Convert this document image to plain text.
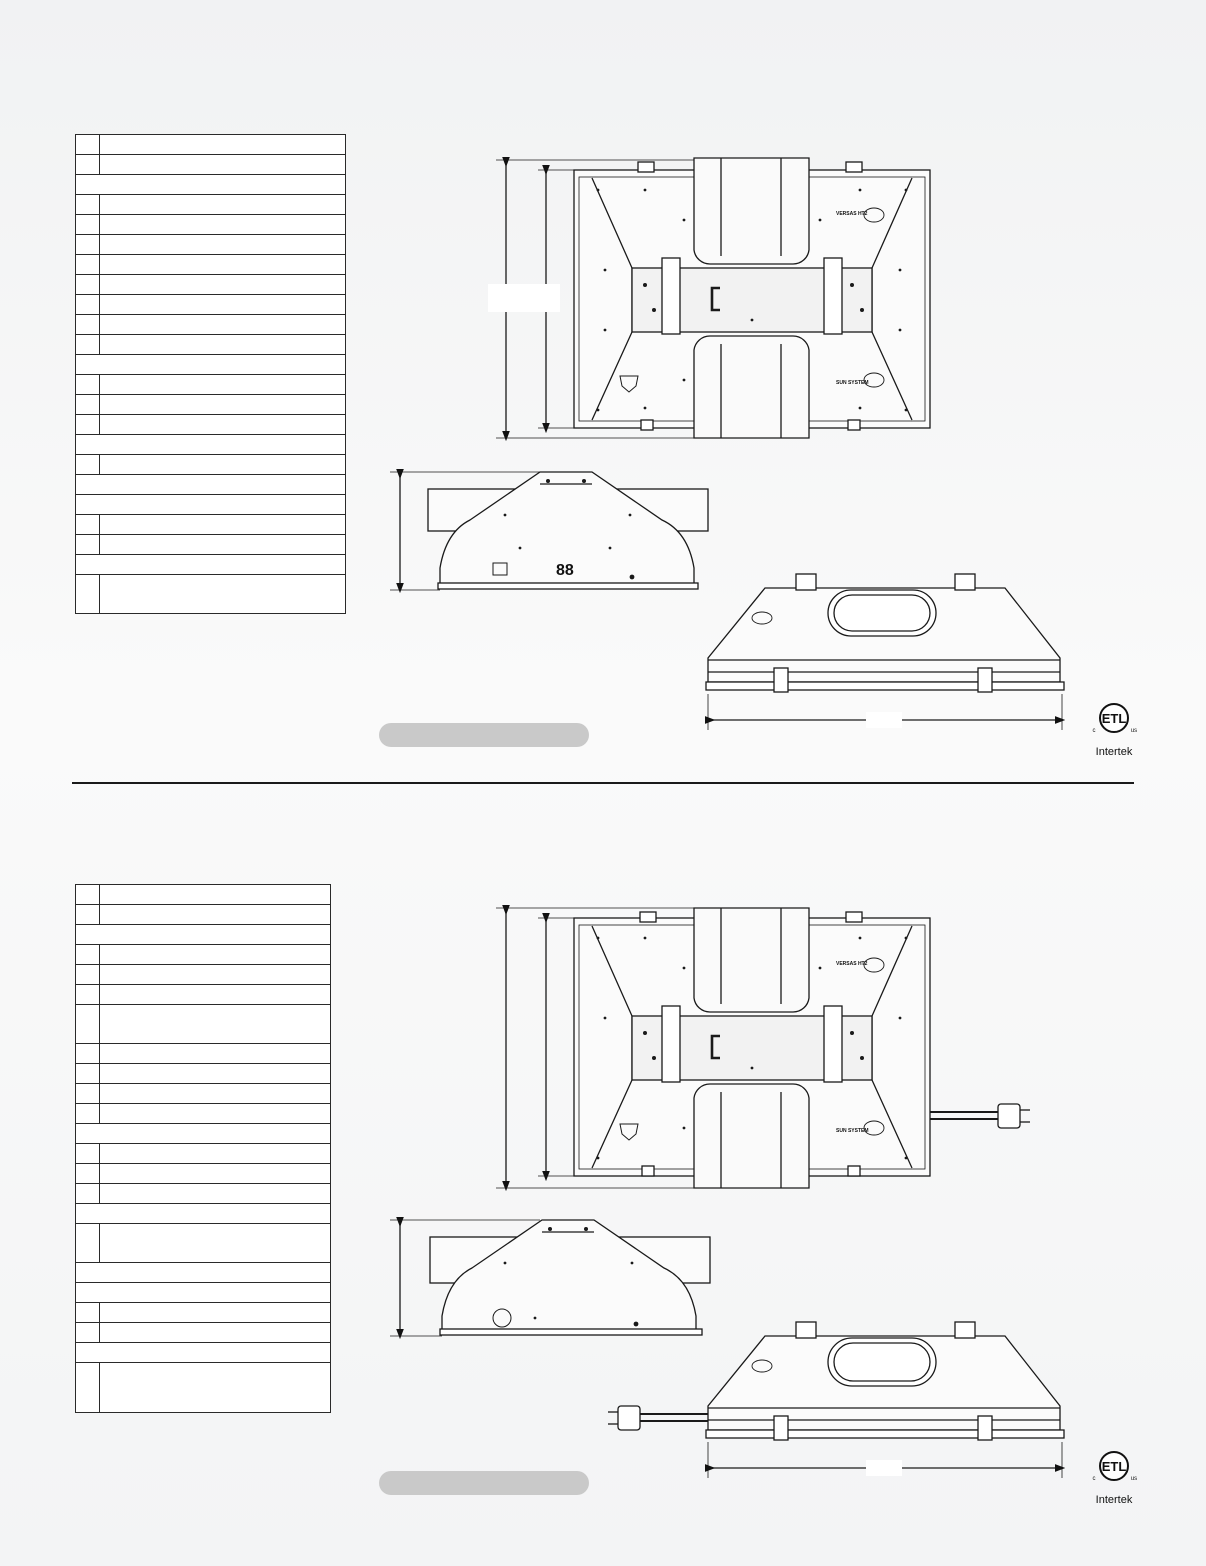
88
ETL
c	us
Intertek
ETL
c	us
Intertek
VERSAS HT2
SUN SYSTEM
VERSAS HT2
SUN SYSTEM
